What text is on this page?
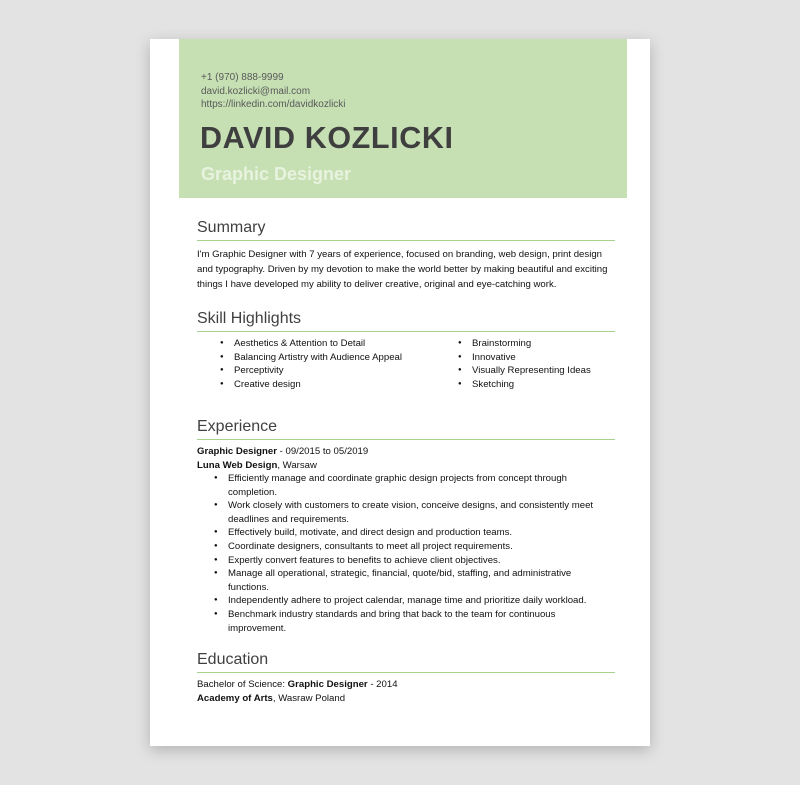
+1 (970) 888-9999
david.kozlicki@mail.com
https://linkedin.com/davidkozlicki
DAVID KOZLICKI
Graphic Designer
Summary

I'm Graphic Designer with 7 years of experience, focused on branding, web design, print design and typography. Driven by my devotion to make the world better by making beautiful and exciting things I have developed my ability to deliver creative, original and eye-catching work.

Skill Highlights
● Aesthetics & Attention to Detail
● Balancing Artistry with Audience Appeal
● Perceptivity
● Creative design
● Brainstorming
● Innovative
● Visually Representing Ideas
● Sketching
Experience
Graphic Designer - 09/2015 to 05/2019
Luna Web Design, Warsaw
● Efficiently manage and coordinate graphic design projects from concept through completion.
● Work closely with customers to create vision, conceive designs, and consistently meet deadlines and requirements.
● Effectively build, motivate, and direct design and production teams.
● Coordinate designers, consultants to meet all project requirements.
● Expertly convert features to benefits to achieve client objectives.
● Manage all operational, strategic, financial, quote/bid, staffing, and administrative functions.
● Independently adhere to project calendar, manage time and prioritize daily workload.
● Benchmark industry standards and bring that back to the team for continuous improvement.
Education
Bachelor of Science: Graphic Designer - 2014
Academy of Arts, Wasraw Poland
